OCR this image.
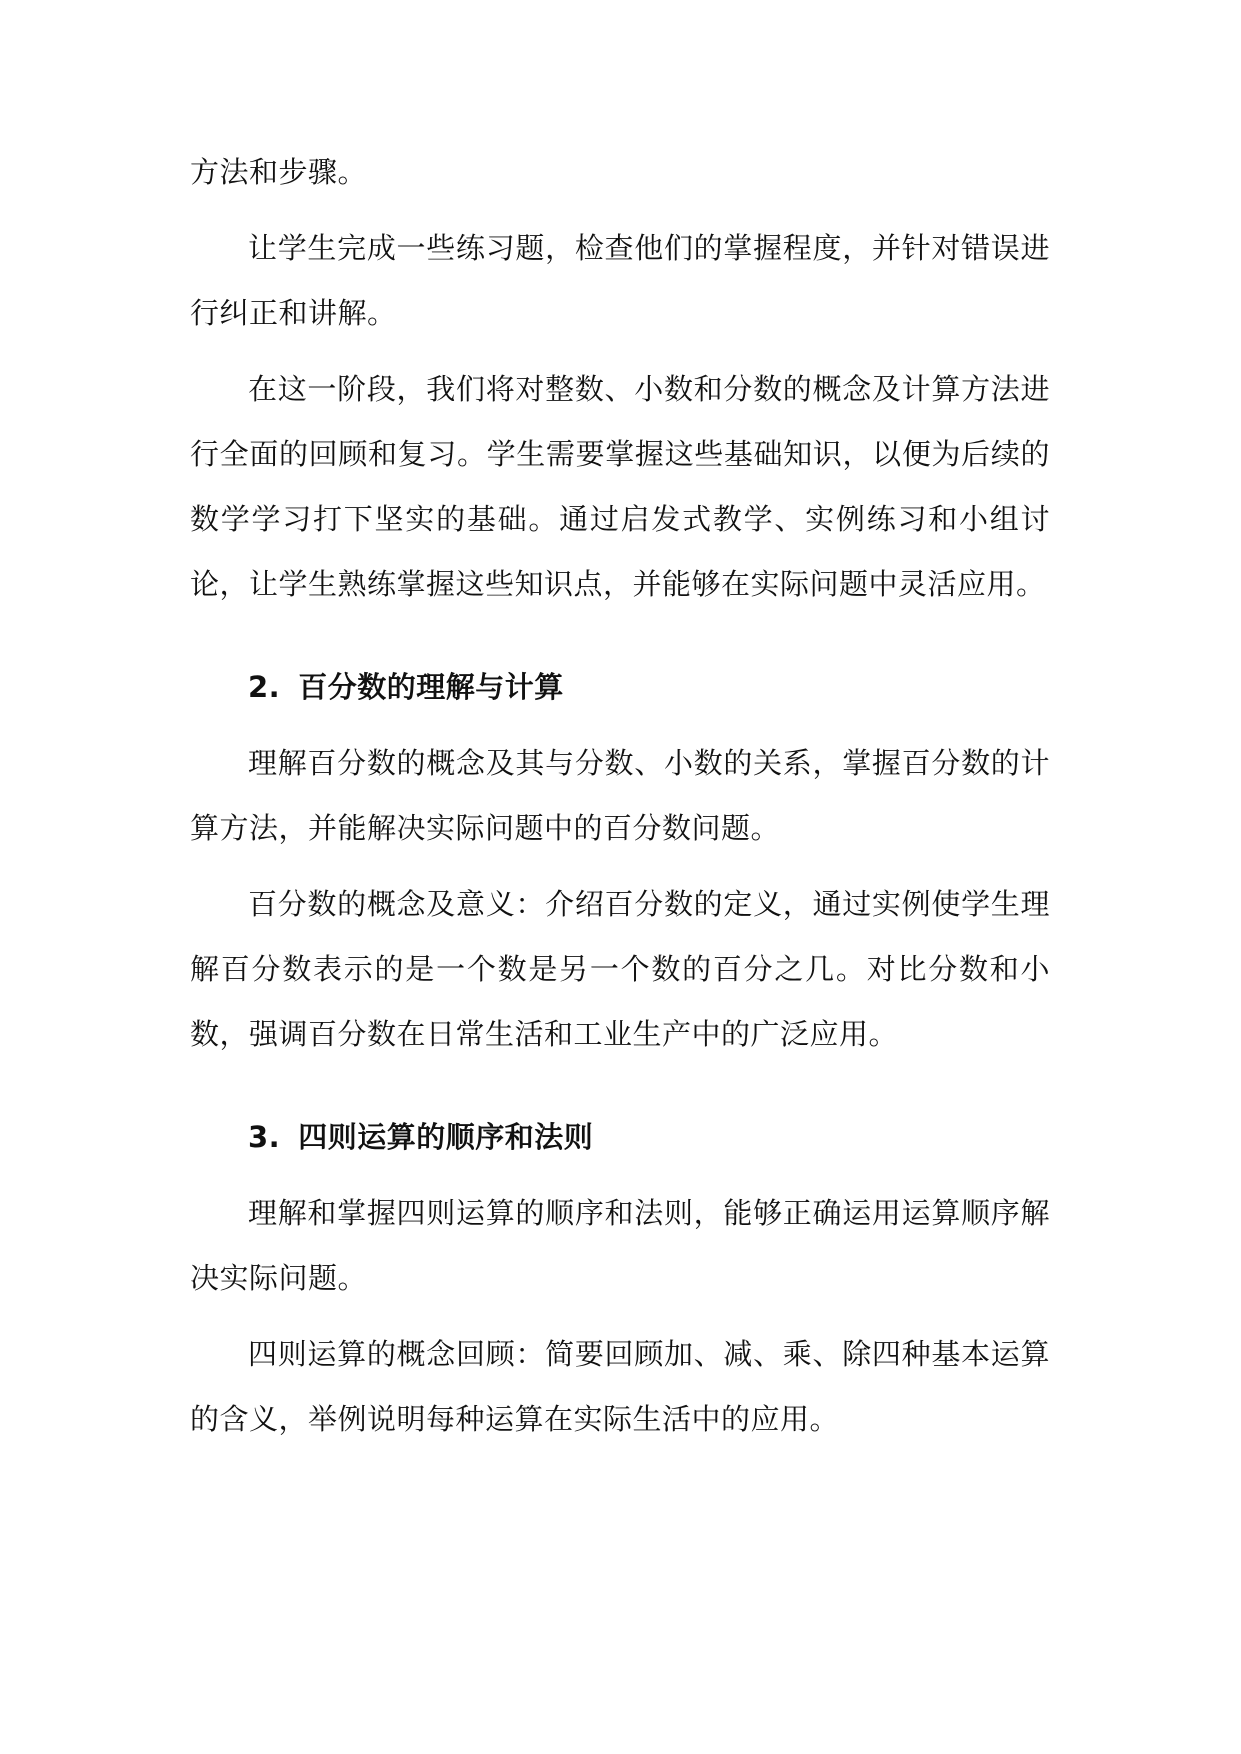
方法和步骤。

让学生完成一些练习题，检查他们的掌握程度，并针对错误进行纠正和讲解。

在这一阶段，我们将对整数、小数和分数的概念及计算方法进行全面的回顾和复习。学生需要掌握这些基础知识，以便为后续的数学学习打下坚实的基础。通过启发式教学、实例练习和小组讨论，让学生熟练掌握这些知识点，并能够在实际问题中灵活应用。

2. 百分数的理解与计算

理解百分数的概念及其与分数、小数的关系，掌握百分数的计算方法，并能解决实际问题中的百分数问题。

百分数的概念及意义：介绍百分数的定义，通过实例使学生理解百分数表示的是一个数是另一个数的百分之几。对比分数和小数，强调百分数在日常生活和工业生产中的广泛应用。

3. 四则运算的顺序和法则

理解和掌握四则运算的顺序和法则，能够正确运用运算顺序解决实际问题。

四则运算的概念回顾：简要回顾加、减、乘、除四种基本运算的含义，举例说明每种运算在实际生活中的应用。
